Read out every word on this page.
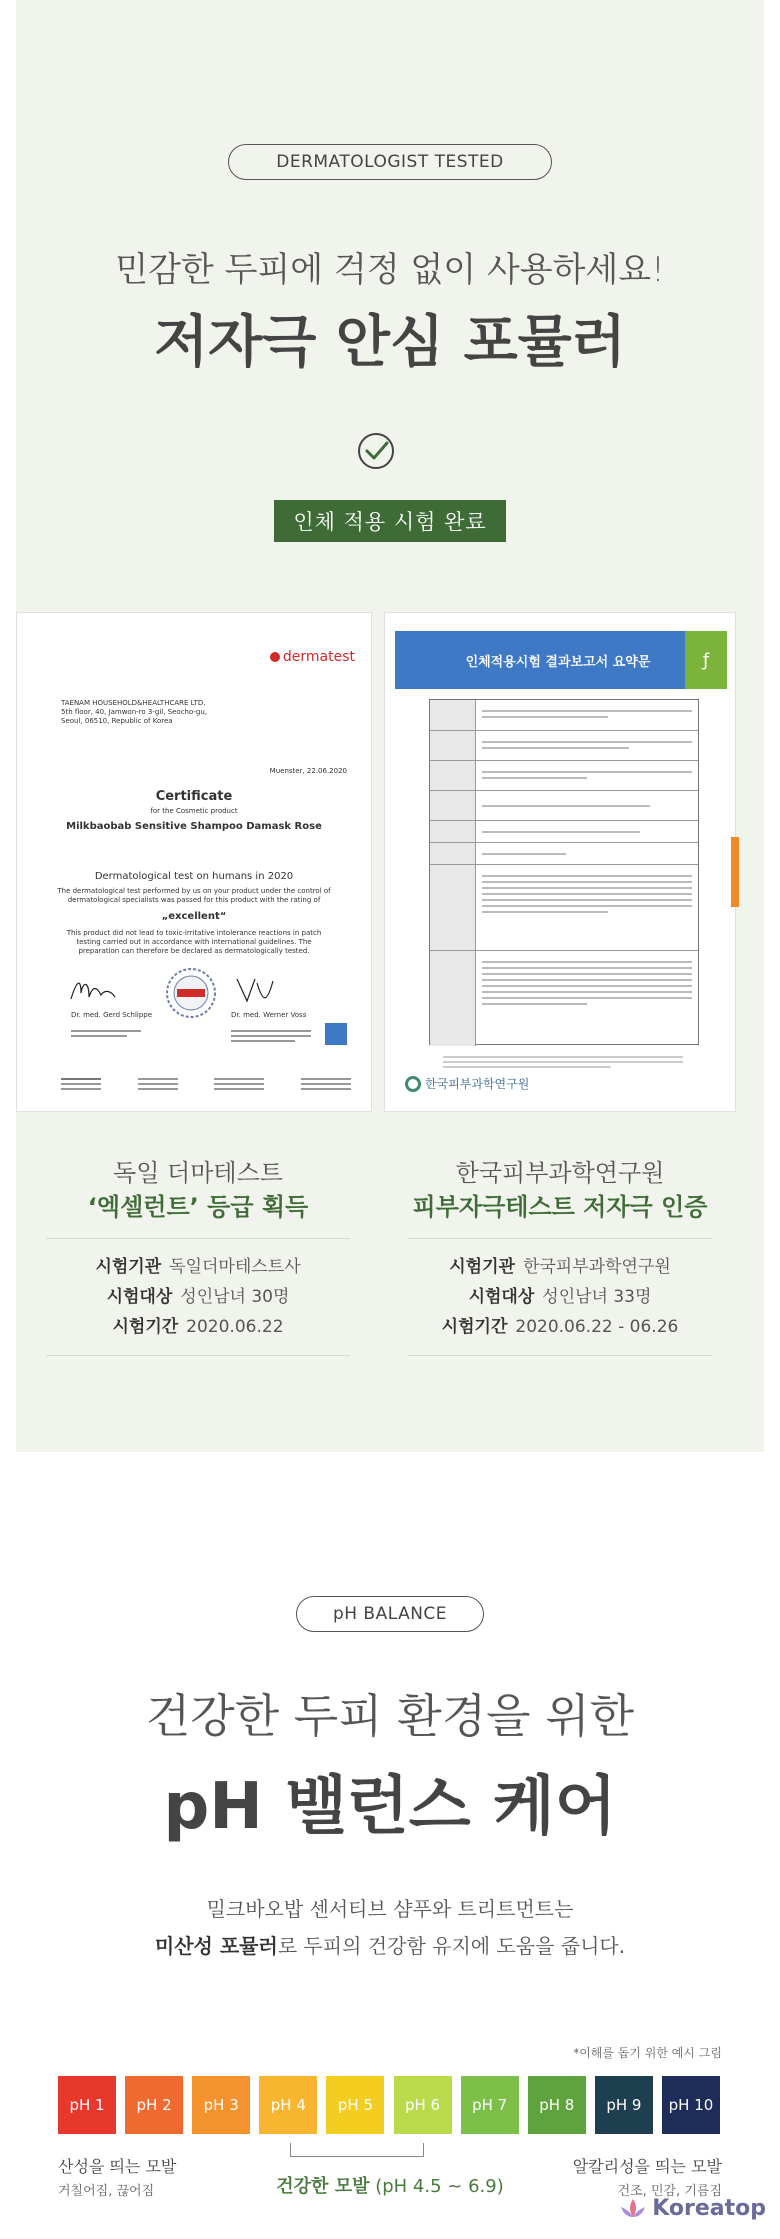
DERMATOLOGIST TESTED
민감한 두피에 걱정 없이 사용하세요!
저자극 안심 포뮬러
인체 적용 시험 완료
dermatest
TAENAM HOUSEHOLD&HEALTHCARE LTD.
5th floor, 40, Jamwon-ro 3-gil, Seocho-gu,
Seoul, 06510, Republic of Korea
Muenster, 22.06.2020
Certificate
for the Cosmetic product
Milkbaobab Sensitive Shampoo Damask Rose
Dermatological test on humans in 2020
The dermatological test performed by us on your product under the control of
dermatological specialists was passed for this product with the rating of
„excellent“
This product did not lead to toxic-irritative intolerance reactions in patch
testing carried out in accordance with international guidelines. The
preparation can therefore be declared as dermatologically tested.
Dr. med. Gerd Schlippe	Dr. med. Werner Voss
인체적용시험 결과보고서 요약문	ƒ
한국피부과학연구원
독일 더마테스트
‘엑셀런트’ 등급 획득
시험기관 독일더마테스트사
시험대상 성인남녀 30명
시험기간 2020.06.22
한국피부과학연구원
피부자극테스트 저자극 인증
시험기관 한국피부과학연구원
시험대상 성인남녀 33명
시험기간 2020.06.22 - 06.26
pH BALANCE
건강한 두피 환경을 위한
pH 밸런스 케어
밀크바오밥 센서티브 샴푸와 트리트먼트는
미산성 포뮬러로 두피의 건강함 유지에 도움을 줍니다.
*이해를 돕기 위한 예시 그림
pH 1	pH 2	pH 3	pH 4	pH 5	pH 6	pH 7	pH 8	pH 9	pH 10
산성을 띄는 모발
거칠어짐, 끊어짐	건강한 모발 (pH 4.5 ~ 6.9)
알칼리성을 띄는 모발
건조, 민감, 기름짐
Koreatop
